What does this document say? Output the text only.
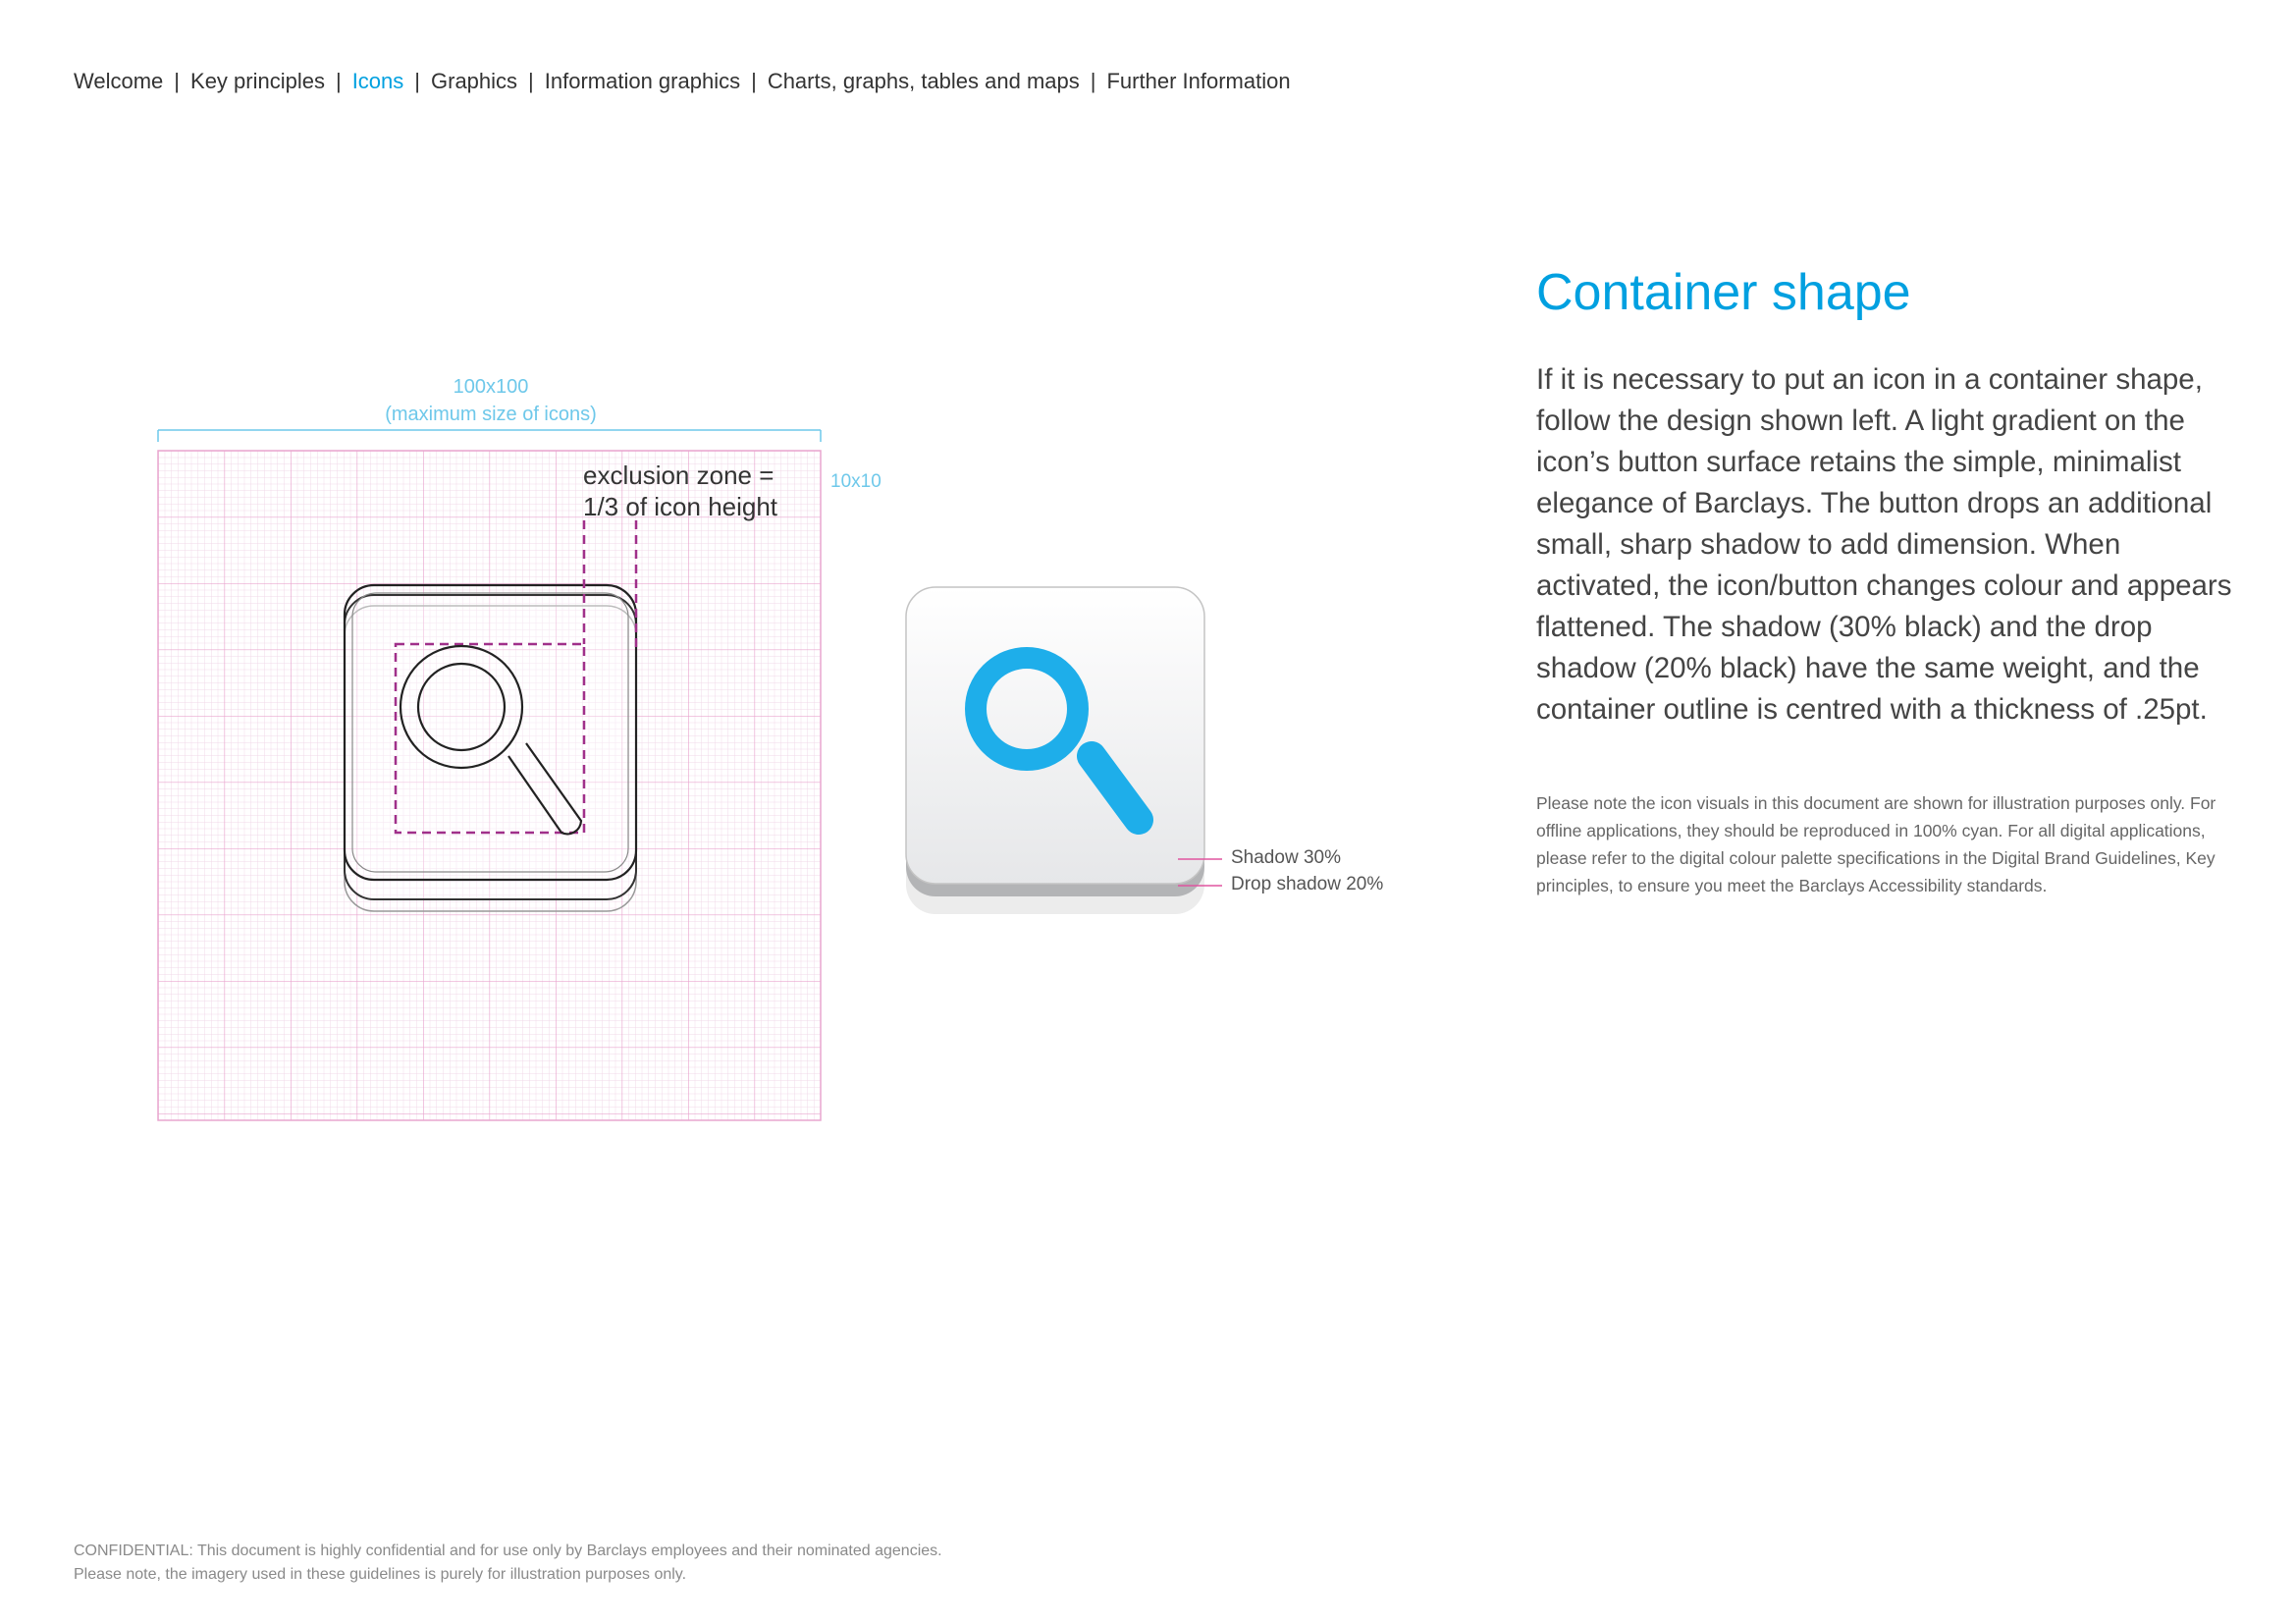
Welcome | Key principles | Icons | Graphics | Information graphics | Charts, graphs, tables and maps | Further Information
100x100
(maximum size of icons)
10x10
exclusion zone =
1/3 of icon height
Shadow 30%
Drop shadow 20%
Container shape

If it is necessary to put an icon in a container shape, follow the design shown left. A light gradient on the icon’s button surface retains the simple, minimalist elegance of Barclays. The button drops an additional small, sharp shadow to add dimension. When activated, the icon/button changes colour and appears flattened. The shadow (30% black) and the drop shadow (20% black) have the same weight, and the container outline is centred with a thickness of .25pt.

Please note the icon visuals in this document are shown for illustration purposes only. For offline applications, they should be reproduced in 100% cyan. For all digital applications, please refer to the digital colour palette specifications in the Digital Brand Guidelines, Key principles, to ensure you meet the Barclays Accessibility standards.

CONFIDENTIAL: This document is highly confidential and for use only by Barclays employees and their nominated agencies.
Please note, the imagery used in these guidelines is purely for illustration purposes only.
